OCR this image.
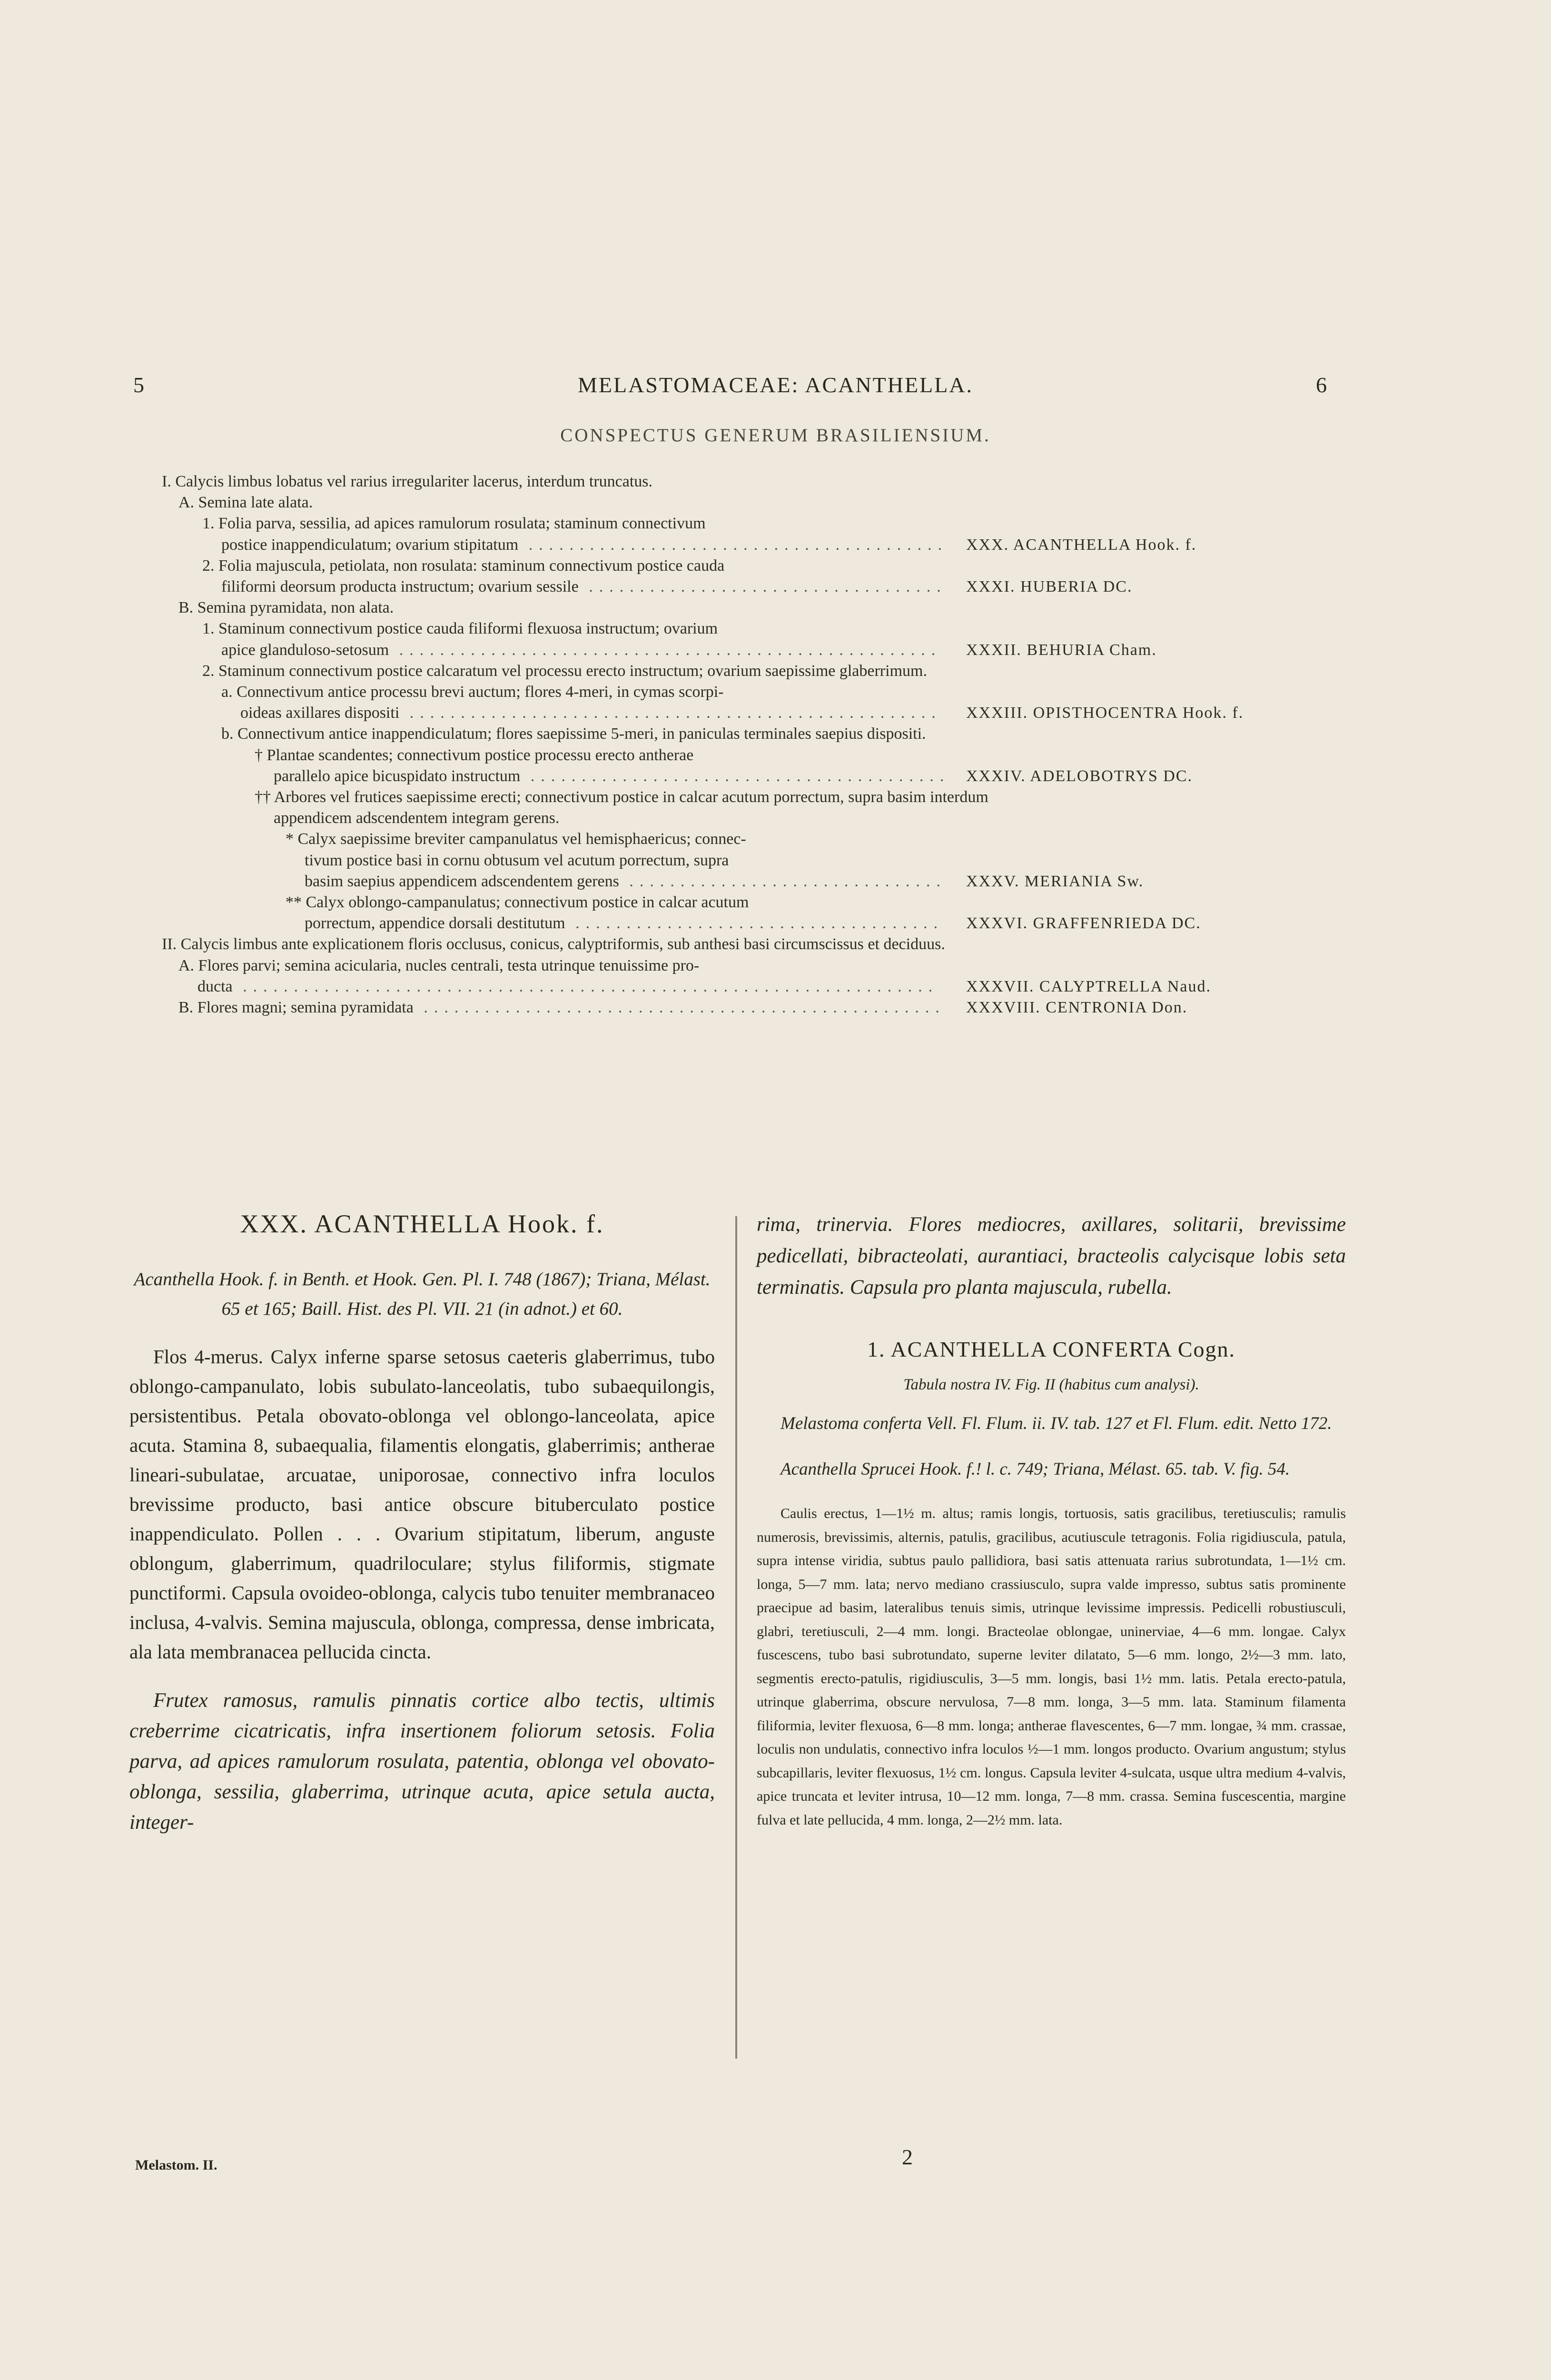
5	MELASTOMACEAE: ACANTHELLA.	6
CONSPECTUS GENERUM BRASILIENSIUM.
I. Calycis limbus lobatus vel rarius irregulariter lacerus, interdum truncatus.
A. Semina late alata.
1. Folia parva, sessilia, ad apices ramulorum rosulata; staminum connectivum
postice inappendiculatum; ovarium stipitatum ......................................... XXX. ACANTHELLA Hook. f.
2. Folia majuscula, petiolata, non rosulata: staminum connectivum postice cauda
filiformi deorsum producta instructum; ovarium sessile ................................... XXXI. HUBERIA DC.
B. Semina pyramidata, non alata.
1. Staminum connectivum postice cauda filiformi flexuosa instructum; ovarium
apice glanduloso-setosum ..................................................... XXXII. BEHURIA Cham.
2. Staminum connectivum postice calcaratum vel processu erecto instructum; ovarium saepissime glaberrimum.
a. Connectivum antice processu brevi auctum; flores 4-meri, in cymas scorpi-
oideas axillares dispositi .................................................... XXXIII. OPISTHOCENTRA Hook. f.
b. Connectivum antice inappendiculatum; flores saepissime 5-meri, in paniculas terminales saepius dispositi.
† Plantae scandentes; connectivum postice processu erecto antherae
parallelo apice bicuspidato instructum ......................................... XXXIV. ADELOBOTRYS DC.
†† Arbores vel frutices saepissime erecti; connectivum postice in calcar acutum porrectum, supra basim interdum
appendicem adscendentem integram gerens.
* Calyx saepissime breviter campanulatus vel hemisphaericus; connec-
tivum postice basi in cornu obtusum vel acutum porrectum, supra
basim saepius appendicem adscendentem gerens ............................... XXXV. MERIANIA Sw.
** Calyx oblongo-campanulatus; connectivum postice in calcar acutum
porrectum, appendice dorsali destitutum .................................... XXXVI. GRAFFENRIEDA DC.
II. Calycis limbus ante explicationem floris occlusus, conicus, calyptriformis, sub anthesi basi circumscissus et deciduus.
A. Flores parvi; semina acicularia, nucles centrali, testa utrinque tenuissime pro-
ducta .................................................................... XXXVII. CALYPTRELLA Naud.
B. Flores magni; semina pyramidata ................................................... XXXVIII. CENTRONIA Don.
XXX. ACANTHELLA Hook. f.

Acanthella Hook. f. in Benth. et Hook. Gen. Pl. I. 748 (1867); Triana, Mélast. 65 et 165; Baill. Hist. des Pl. VII. 21 (in adnot.) et 60.

Flos 4-merus. Calyx inferne sparse setosus caeteris glaberrimus, tubo oblongo-campanulato, lobis subulato-lanceolatis, tubo subaequilongis, persistentibus. Petala obovato-oblonga vel oblongo-lanceolata, apice acuta. Stamina 8, subaequalia, filamentis elongatis, glaberrimis; antherae lineari-subulatae, arcuatae, uniporosae, connectivo infra loculos brevissime producto, basi antice obscure bituberculato postice inappendiculato. Pollen . . . Ovarium stipitatum, liberum, anguste oblongum, glaberrimum, quadriloculare; stylus filiformis, stigmate punctiformi. Capsula ovoideo-oblonga, calycis tubo tenuiter membranaceo inclusa, 4-valvis. Semina majuscula, oblonga, compressa, dense imbricata, ala lata membranacea pellucida cincta.

Frutex ramosus, ramulis pinnatis cortice albo tectis, ultimis creberrime cicatricatis, infra insertionem foliorum setosis. Folia parva, ad apices ramulorum rosulata, patentia, oblonga vel obovato-oblonga, sessilia, glaberrima, utrinque acuta, apice setula aucta, integer-

rima, trinervia. Flores mediocres, axillares, solitarii, brevissime pedicellati, bibracteolati, aurantiaci, bracteolis calycisque lobis seta terminatis. Capsula pro planta majuscula, rubella.

1. ACANTHELLA CONFERTA Cogn.
Tabula nostra IV. Fig. II (habitus cum analysi).

Melastoma conferta Vell. Fl. Flum. ii. IV. tab. 127 et Fl. Flum. edit. Netto 172.

Acanthella Sprucei Hook. f.! l. c. 749; Triana, Mélast. 65. tab. V. fig. 54.

Caulis erectus, 1—1½ m. altus; ramis longis, tortuosis, satis gracilibus, teretiusculis; ramulis numerosis, brevissimis, alternis, patulis, gracilibus, acutiuscule tetragonis. Folia rigidiuscula, patula, supra intense viridia, subtus paulo pallidiora, basi satis attenuata rarius subrotundata, 1—1½ cm. longa, 5—7 mm. lata; nervo mediano crassiusculo, supra valde impresso, subtus satis prominente praecipue ad basim, lateralibus tenuis simis, utrinque levissime impressis. Pedicelli robustiusculi, glabri, teretiusculi, 2—4 mm. longi. Bracteolae oblongae, uninerviae, 4—6 mm. longae. Calyx fuscescens, tubo basi subrotundato, superne leviter dilatato, 5—6 mm. longo, 2½—3 mm. lato, segmentis erecto-patulis, rigidiusculis, 3—5 mm. longis, basi 1½ mm. latis. Petala erecto-patula, utrinque glaberrima, obscure nervulosa, 7—8 mm. longa, 3—5 mm. lata. Staminum filamenta filiformia, leviter flexuosa, 6—8 mm. longa; antherae flavescentes, 6—7 mm. longae, ¾ mm. crassae, loculis non undulatis, connectivo infra loculos ½—1 mm. longos producto. Ovarium angustum; stylus subcapillaris, leviter flexuosus, 1½ cm. longus. Capsula leviter 4-sulcata, usque ultra medium 4-valvis, apice truncata et leviter intrusa, 10—12 mm. longa, 7—8 mm. crassa. Semina fuscescentia, margine fulva et late pellucida, 4 mm. longa, 2—2½ mm. lata.

Melastom. II.	2
